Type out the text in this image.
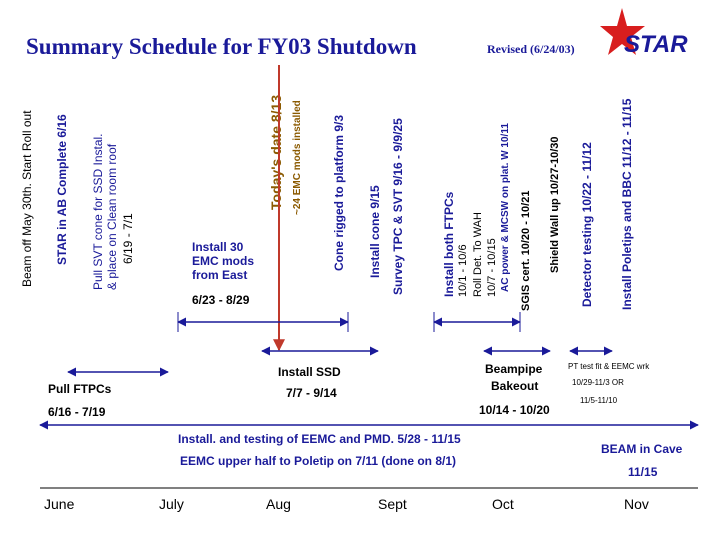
Summary Schedule for FY03 Shutdown	Revised (6/24/03) STAR
Beam off May 30th. Start Roll out STAR in AB Complete 6/16 Pull SVT cone for SSD Instal. & place on Clean room roof 6/19 - 7/1
Today's date 8/13 ~24 EMC mods installed Cone rigged to platform 9/3 Install cone 9/15 Survey TPC & SVT 9/16 - 9/9/25	Install both FTPCs 10/1 - 10/6 Roll Det. To WAH 10/7 - 10/15 AC power & MCSW on plat. W 10/11 SGIS cert. 10/20 - 10/21 Shield Wall up 10/27-10/30 Detector testing 10/22 - 11/12 Install Poletips and BBC 11/12 - 11/15
Install 30
EMC mods
from East
6/23 - 8/29
Pull FTPCs
6/16 - 7/19
Install SSD
7/7 - 9/14
Beampipe
Bakeout
10/14 - 10/20
PT test fit & EEMC wrk
10/29-11/3 OR
11/5-11/10
Install. and testing of EEMC and PMD. 5/28 - 11/15
EEMC upper half to Poletip on 7/11 (done on 8/1)
BEAM in Cave
11/15
June	July	Aug	Sept	Oct	Nov
